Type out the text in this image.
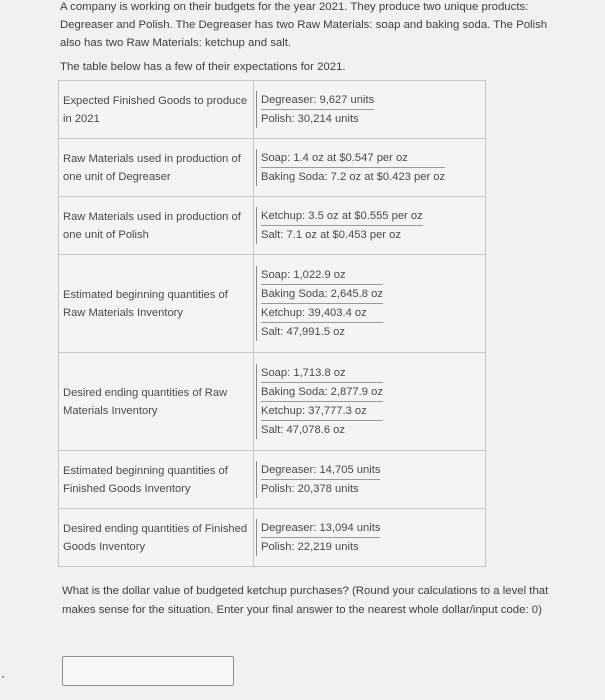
A company is working on their budgets for the year 2021. They produce two unique products:

Degreaser and Polish. The Degreaser has two Raw Materials: soap and baking soda. The Polish

also has two Raw Materials: ketchup and salt.

The table below has a few of their expectations for 2021.
Expected Finished Goods to produce in 2021	Degreaser: 9,627 units
Polish: 30,214 units

Raw Materials used in production of one unit of Degreaser	Soap: 1.4 oz at $0.547 per oz
Baking Soda: 7.2 oz at $0.423 per oz

Raw Materials used in production of one unit of Polish	Ketchup: 3.5 oz at $0.555 per oz
Salt: 7.1 oz at $0.453 per oz

Estimated beginning quantities of Raw Materials Inventory	Soap: 1,022.9 oz
Baking Soda: 2,645.8 oz
Ketchup: 39,403.4 oz
Salt: 47,991.5 oz

Desired ending quantities of Raw Materials Inventory	Soap: 1,713.8 oz
Baking Soda: 2,877.9 oz
Ketchup: 37,777.3 oz
Salt: 47,078.6 oz

Estimated beginning quantities of Finished Goods Inventory	Degreaser: 14,705 units
Polish: 20,378 units

Desired ending quantities of Finished Goods Inventory	Degreaser: 13,094 units
Polish: 22,219 units
What is the dollar value of budgeted ketchup purchases? (Round your calculations to a level that makes sense for the situation. Enter your final answer to the nearest whole dollar/input code: 0)
